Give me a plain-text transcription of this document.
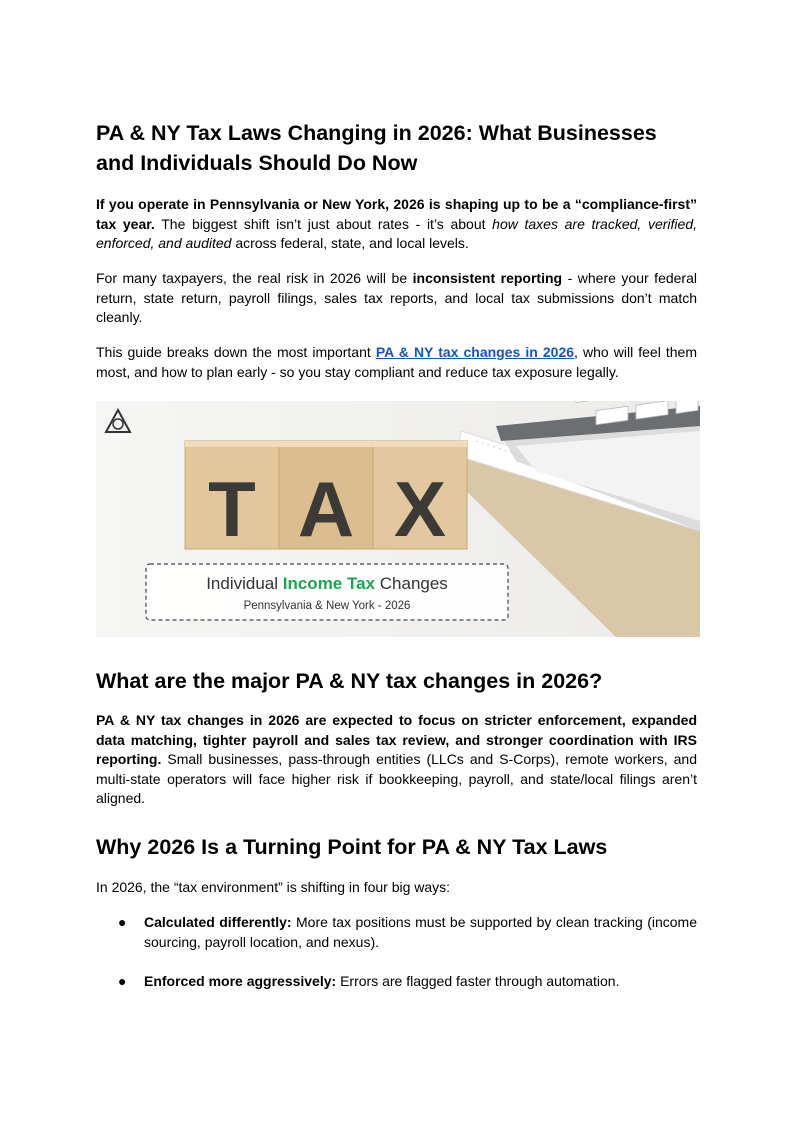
PA & NY Tax Laws Changing in 2026: What Businesses and Individuals Should Do Now

If you operate in Pennsylvania or New York, 2026 is shaping up to be a “compliance-first” tax year. The biggest shift isn’t just about rates - it’s about how taxes are tracked, verified, enforced, and audited across federal, state, and local levels.

For many taxpayers, the real risk in 2026 will be inconsistent reporting - where your federal return, state return, payroll filings, sales tax reports, and local tax submissions don’t match cleanly.

This guide breaks down the most important PA & NY tax changes in 2026, who will feel them most, and how to plan early - so you stay compliant and reduce tax exposure legally.

T A X
Individual Income Tax Changes
Pennsylvania & New York - 2026
What are the major PA & NY tax changes in 2026?

PA & NY tax changes in 2026 are expected to focus on stricter enforcement, expanded data matching, tighter payroll and sales tax review, and stronger coordination with IRS reporting. Small businesses, pass-through entities (LLCs and S-Corps), remote workers, and multi-state operators will face higher risk if bookkeeping, payroll, and state/local filings aren’t aligned.

Why 2026 Is a Turning Point for PA & NY Tax Laws

In 2026, the “tax environment” is shifting in four big ways:

● Calculated differently: More tax positions must be supported by clean tracking (income sourcing, payroll location, and nexus).
● Enforced more aggressively: Errors are flagged faster through automation.
